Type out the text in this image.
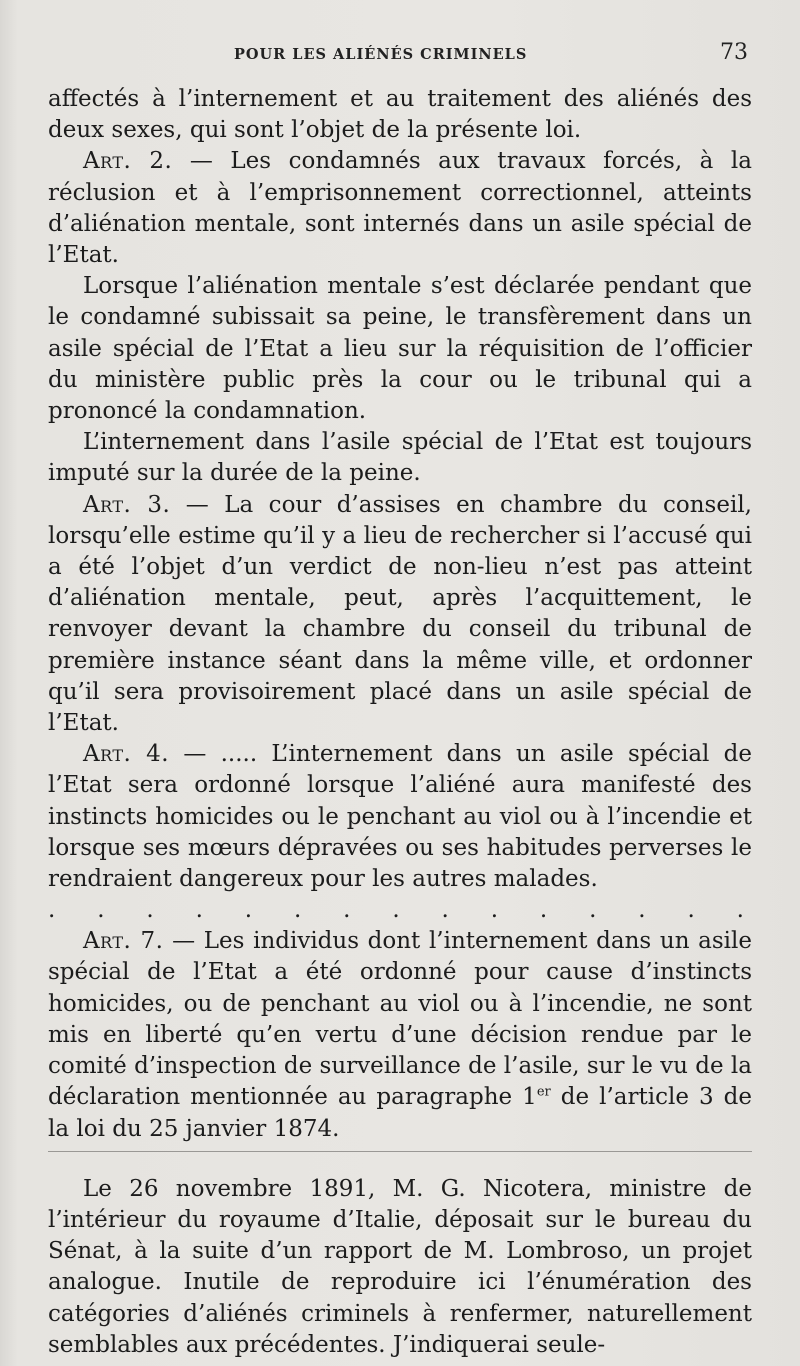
POUR LES ALIÉNÉS CRIMINELS	73

affectés à l’internement et au traitement des aliénés des deux sexes, qui sont l’objet de la présente loi.

Art. 2. — Les condamnés aux travaux forcés, à la réclusion et à l’emprisonnement correctionnel, atteints d’aliénation mentale, sont internés dans un asile spécial de l’Etat.

Lorsque l’aliénation mentale s’est déclarée pendant que le condamné subissait sa peine, le transfèrement dans un asile spécial de l’Etat a lieu sur la réquisition de l’officier du ministère public près la cour ou le tribunal qui a prononcé la condamnation.

L’internement dans l’asile spécial de l’Etat est toujours imputé sur la durée de la peine.

Art. 3. — La cour d’assises en chambre du conseil, lorsqu’elle estime qu’il y a lieu de rechercher si l’accusé qui a été l’objet d’un verdict de non-lieu n’est pas atteint d’aliénation mentale, peut, après l’acquittement, le renvoyer devant la chambre du conseil du tribunal de première instance séant dans la même ville, et ordonner qu’il sera provisoirement placé dans un asile spécial de l’Etat.

Art. 4. — ..... L’internement dans un asile spécial de l’Etat sera ordonné lorsque l’aliéné aura manifesté des instincts homicides ou le penchant au viol ou à l’incendie et lorsque ses mœurs dépravées ou ses habitudes perverses le rendraient dangereux pour les autres malades.

. . . . . . . . . . . . . . .

Art. 7. — Les individus dont l’internement dans un asile spécial de l’Etat a été ordonné pour cause d’instincts homicides, ou de penchant au viol ou à l’incendie, ne sont mis en liberté qu’en vertu d’une décision rendue par le comité d’inspection de surveillance de l’asile, sur le vu de la déclaration mentionnée au paragraphe 1er de l’article 3 de la loi du 25 janvier 1874.

Le 26 novembre 1891, M. G. Nicotera, ministre de l’intérieur du royaume d’Italie, déposait sur le bureau du Sénat, à la suite d’un rapport de M. Lombroso, un projet analogue. Inutile de reproduire ici l’énumération des catégories d’aliénés criminels à renfermer, naturellement semblables aux précédentes. J’indiquerai seule-
